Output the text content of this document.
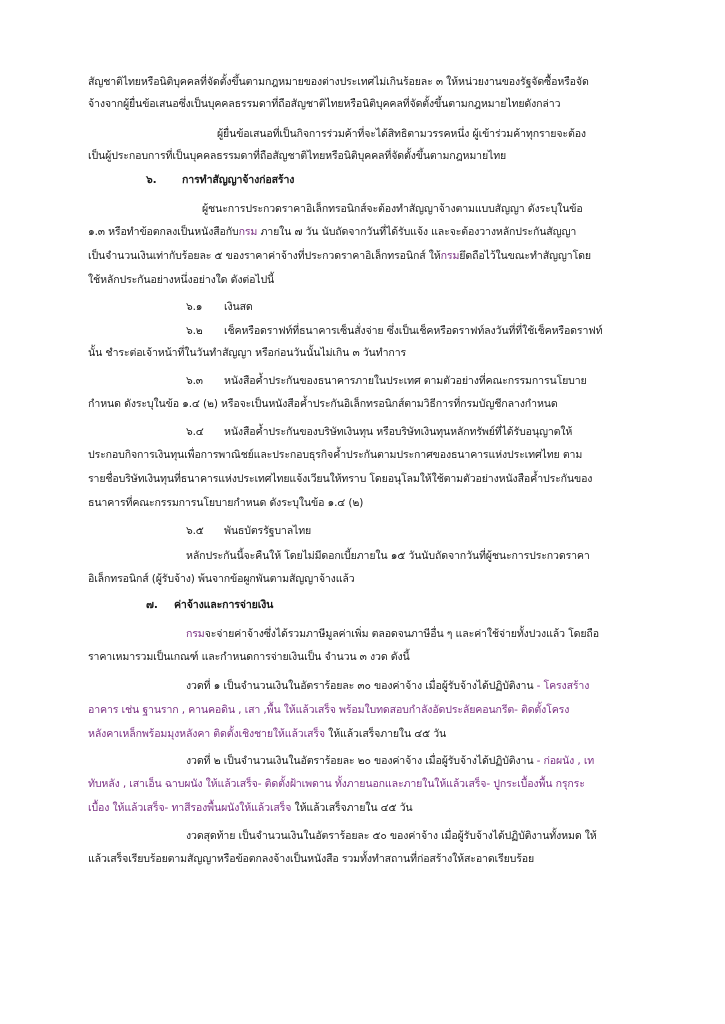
สัญชาติไทยหรือนิติบุคคลที่จัดตั้งขึ้นตามกฎหมายของต่างประเทศไม่เกินร้อยละ ๓ ให้หน่วยงานของรัฐจัดซื้อหรือจัด
จ้างจากผู้ยื่นข้อเสนอซึ่งเป็นบุคคลธรรมดาที่ถือสัญชาติไทยหรือนิติบุคคลที่จัดตั้งขึ้นตามกฎหมายไทยดังกล่าว
ผู้ยื่นข้อเสนอที่เป็นกิจการร่วมค้าที่จะได้สิทธิตามวรรคหนึ่ง ผู้เข้าร่วมค้าทุกรายจะต้อง
เป็นผู้ประกอบการที่เป็นบุคคลธรรมดาที่ถือสัญชาติไทยหรือนิติบุคคลที่จัดตั้งขึ้นตามกฎหมายไทย
๖. การทำสัญญาจ้างก่อสร้าง
ผู้ชนะการประกวดราคาอิเล็กทรอนิกส์จะต้องทำสัญญาจ้างตามแบบสัญญา ดังระบุในข้อ
๑.๓ หรือทำข้อตกลงเป็นหนังสือกับกรม ภายใน ๗ วัน นับถัดจากวันที่ได้รับแจ้ง และจะต้องวางหลักประกันสัญญา
เป็นจำนวนเงินเท่ากับร้อยละ ๕ ของราคาค่าจ้างที่ประกวดราคาอิเล็กทรอนิกส์ ให้กรมยึดถือไว้ในขณะทำสัญญาโดย
ใช้หลักประกันอย่างหนึ่งอย่างใด ดังต่อไปนี้
๖.๑ เงินสด
๖.๒ เช็คหรือดราฟท์ที่ธนาคารเซ็นสั่งจ่าย ซึ่งเป็นเช็คหรือดราฟท์ลงวันที่ที่ใช้เช็คหรือดราฟท์
นั้น ชำระต่อเจ้าหน้าที่ในวันทำสัญญา หรือก่อนวันนั้นไม่เกิน ๓ วันทำการ
๖.๓ หนังสือค้ำประกันของธนาคารภายในประเทศ ตามตัวอย่างที่คณะกรรมการนโยบาย
กำหนด ดังระบุในข้อ ๑.๔ (๒) หรือจะเป็นหนังสือค้ำประกันอิเล็กทรอนิกส์ตามวิธีการที่กรมบัญชีกลางกำหนด
๖.๔ หนังสือค้ำประกันของบริษัทเงินทุน หรือบริษัทเงินทุนหลักทรัพย์ที่ได้รับอนุญาตให้
ประกอบกิจการเงินทุนเพื่อการพาณิชย์และประกอบธุรกิจค้ำประกันตามประกาศของธนาคารแห่งประเทศไทย ตาม
รายชื่อบริษัทเงินทุนที่ธนาคารแห่งประเทศไทยแจ้งเวียนให้ทราบ โดยอนุโลมให้ใช้ตามตัวอย่างหนังสือค้ำประกันของ
ธนาคารที่คณะกรรมการนโยบายกำหนด ดังระบุในข้อ ๑.๔ (๒)
๖.๕ พันธบัตรรัฐบาลไทย
หลักประกันนี้จะคืนให้ โดยไม่มีดอกเบี้ยภายใน ๑๕ วันนับถัดจากวันที่ผู้ชนะการประกวดราคา
อิเล็กทรอนิกส์ (ผู้รับจ้าง) พ้นจากข้อผูกพันตามสัญญาจ้างแล้ว
๗. ค่าจ้างและการจ่ายเงิน
กรมจะจ่ายค่าจ้างซึ่งได้รวมภาษีมูลค่าเพิ่ม ตลอดจนภาษีอื่น ๆ และค่าใช้จ่ายทั้งปวงแล้ว โดยถือ
ราคาเหมารวมเป็นเกณฑ์ และกำหนดการจ่ายเงินเป็น จำนวน ๓ งวด ดังนี้
งวดที่ ๑ เป็นจำนวนเงินในอัตราร้อยละ ๓๐ ของค่าจ้าง เมื่อผู้รับจ้างได้ปฏิบัติงาน - โครงสร้าง
อาคาร เช่น ฐานราก , คานคอดิน , เสา ,พื้น ให้แล้วเสร็จ พร้อมใบทดสอบกำลังอัดประลัยคอนกรีต- ติดตั้งโครง
หลังคาเหล็กพร้อมมุงหลังคา ติดตั้งเชิงชายให้แล้วเสร็จ ให้แล้วเสร็จภายใน ๔๕ วัน
งวดที่ ๒ เป็นจำนวนเงินในอัตราร้อยละ ๒๐ ของค่าจ้าง เมื่อผู้รับจ้างได้ปฏิบัติงาน - ก่อผนัง , เท
ทับหลัง , เสาเอ็น ฉาบผนัง ให้แล้วเสร็จ- ติดตั้งฝ้าเพดาน ทั้งภายนอกและภายในให้แล้วเสร็จ- ปูกระเบื้องพื้น กรุกระ
เบื้อง ให้แล้วเสร็จ- ทาสีรองพื้นผนังให้แล้วเสร็จ ให้แล้วเสร็จภายใน ๔๕ วัน
งวดสุดท้าย เป็นจำนวนเงินในอัตราร้อยละ ๕๐ ของค่าจ้าง เมื่อผู้รับจ้างได้ปฏิบัติงานทั้งหมด ให้
แล้วเสร็จเรียบร้อยตามสัญญาหรือข้อตกลงจ้างเป็นหนังสือ รวมทั้งทำสถานที่ก่อสร้างให้สะอาดเรียบร้อย
